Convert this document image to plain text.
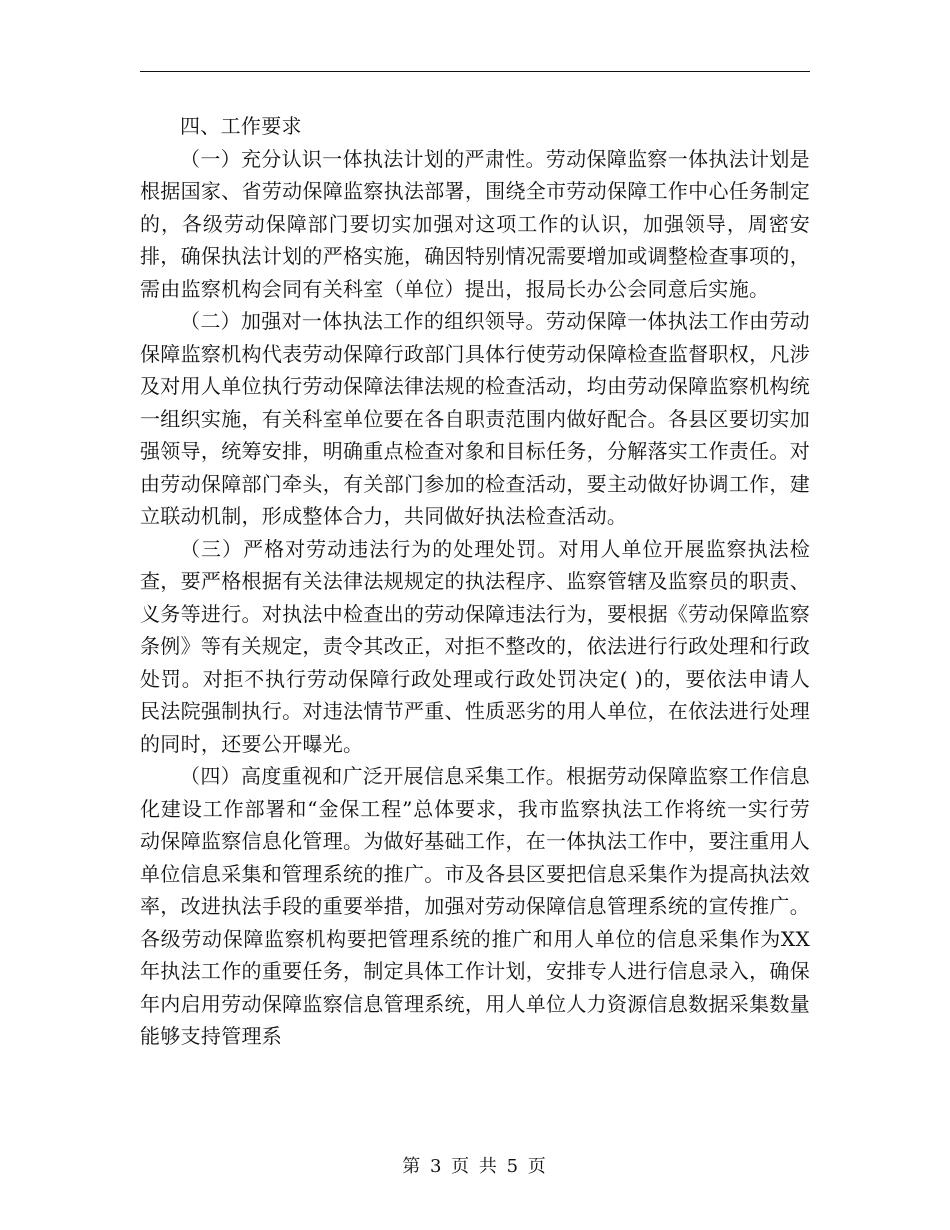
四、工作要求

（一）充分认识一体执法计划的严肃性。劳动保障监察一体执法计划是根据国家、省劳动保障监察执法部署，围绕全市劳动保障工作中心任务制定的，各级劳动保障部门要切实加强对这项工作的认识，加强领导，周密安排，确保执法计划的严格实施，确因特别情况需要增加或调整检查事项的，需由监察机构会同有关科室（单位）提出，报局长办公会同意后实施。

（二）加强对一体执法工作的组织领导。劳动保障一体执法工作由劳动保障监察机构代表劳动保障行政部门具体行使劳动保障检查监督职权，凡涉及对用人单位执行劳动保障法律法规的检查活动，均由劳动保障监察机构统一组织实施，有关科室单位要在各自职责范围内做好配合。各县区要切实加强领导，统筹安排，明确重点检查对象和目标任务，分解落实工作责任。对由劳动保障部门牵头，有关部门参加的检查活动，要主动做好协调工作，建立联动机制，形成整体合力，共同做好执法检查活动。

（三）严格对劳动违法行为的处理处罚。对用人单位开展监察执法检查，要严格根据有关法律法规规定的执法程序、监察管辖及监察员的职责、义务等进行。对执法中检查出的劳动保障违法行为，要根据《劳动保障监察条例》等有关规定，责令其改正，对拒不整改的，依法进行行政处理和行政处罚。对拒不执行劳动保障行政处理或行政处罚决定( )的，要依法申请人民法院强制执行。对违法情节严重、性质恶劣的用人单位，在依法进行处理的同时，还要公开曝光。

（四）高度重视和广泛开展信息采集工作。根据劳动保障监察工作信息化建设工作部署和“金保工程”总体要求，我市监察执法工作将统一实行劳动保障监察信息化管理。为做好基础工作，在一体执法工作中，要注重用人单位信息采集和管理系统的推广。市及各县区要把信息采集作为提高执法效率，改进执法手段的重要举措，加强对劳动保障信息管理系统的宣传推广。各级劳动保障监察机构要把管理系统的推广和用人单位的信息采集作为XX年执法工作的重要任务，制定具体工作计划，安排专人进行信息录入，确保年内启用劳动保障监察信息管理系统，用人单位人力资源信息数据采集数量能够支持管理系

第 3 页 共 5 页
